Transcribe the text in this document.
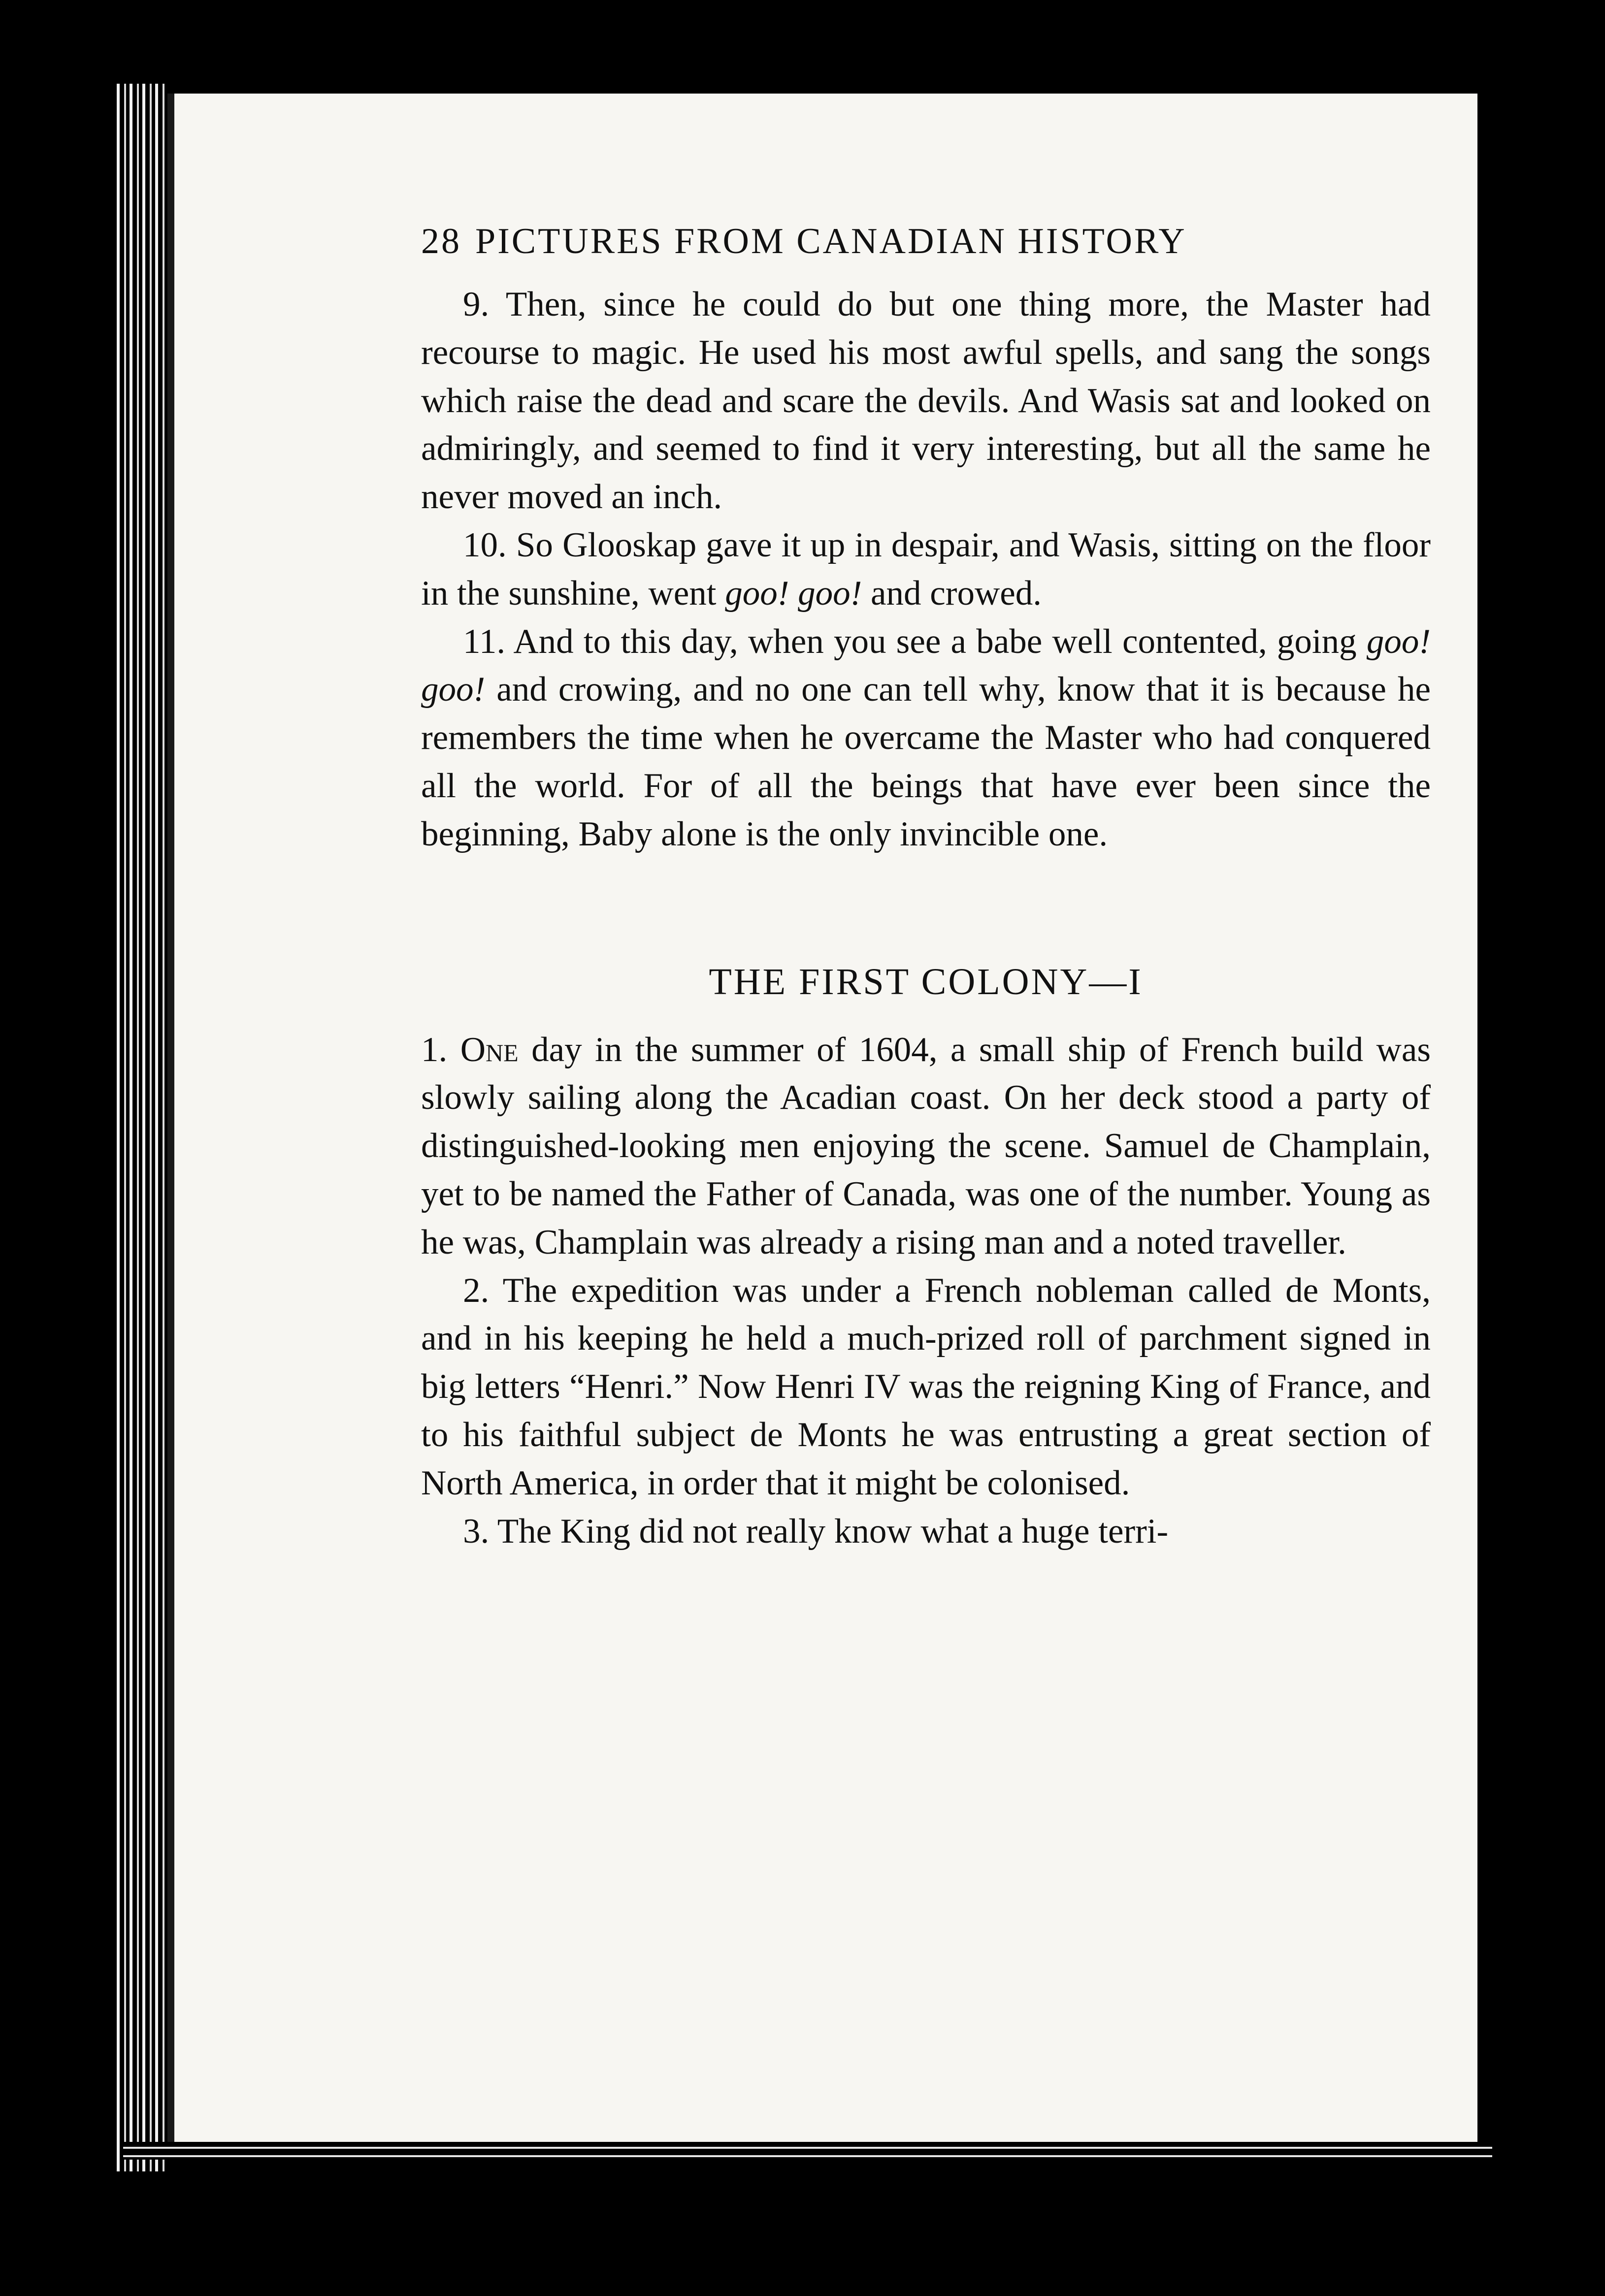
28 PICTURES FROM CANADIAN HISTORY

9. Then, since he could do but one thing more, the Master had recourse to magic. He used his most awful spells, and sang the songs which raise the dead and scare the devils. And Wasis sat and looked on admiringly, and seemed to find it very interesting, but all the same he never moved an inch.

10. So Glooskap gave it up in despair, and Wasis, sitting on the floor in the sunshine, went goo! goo! and crowed.

11. And to this day, when you see a babe well contented, going goo! goo! and crowing, and no one can tell why, know that it is because he remembers the time when he overcame the Master who had conquered all the world. For of all the beings that have ever been since the beginning, Baby alone is the only invincible one.

THE FIRST COLONY—I

1. One day in the summer of 1604, a small ship of French build was slowly sailing along the Acadian coast. On her deck stood a party of distinguished-looking men enjoying the scene. Samuel de Champlain, yet to be named the Father of Canada, was one of the number. Young as he was, Champlain was already a rising man and a noted traveller.

2. The expedition was under a French nobleman called de Monts, and in his keeping he held a much-prized roll of parchment signed in big letters “Henri.” Now Henri IV was the reigning King of France, and to his faithful subject de Monts he was entrusting a great section of North America, in order that it might be colonised.

3. The King did not really know what a huge terri-
